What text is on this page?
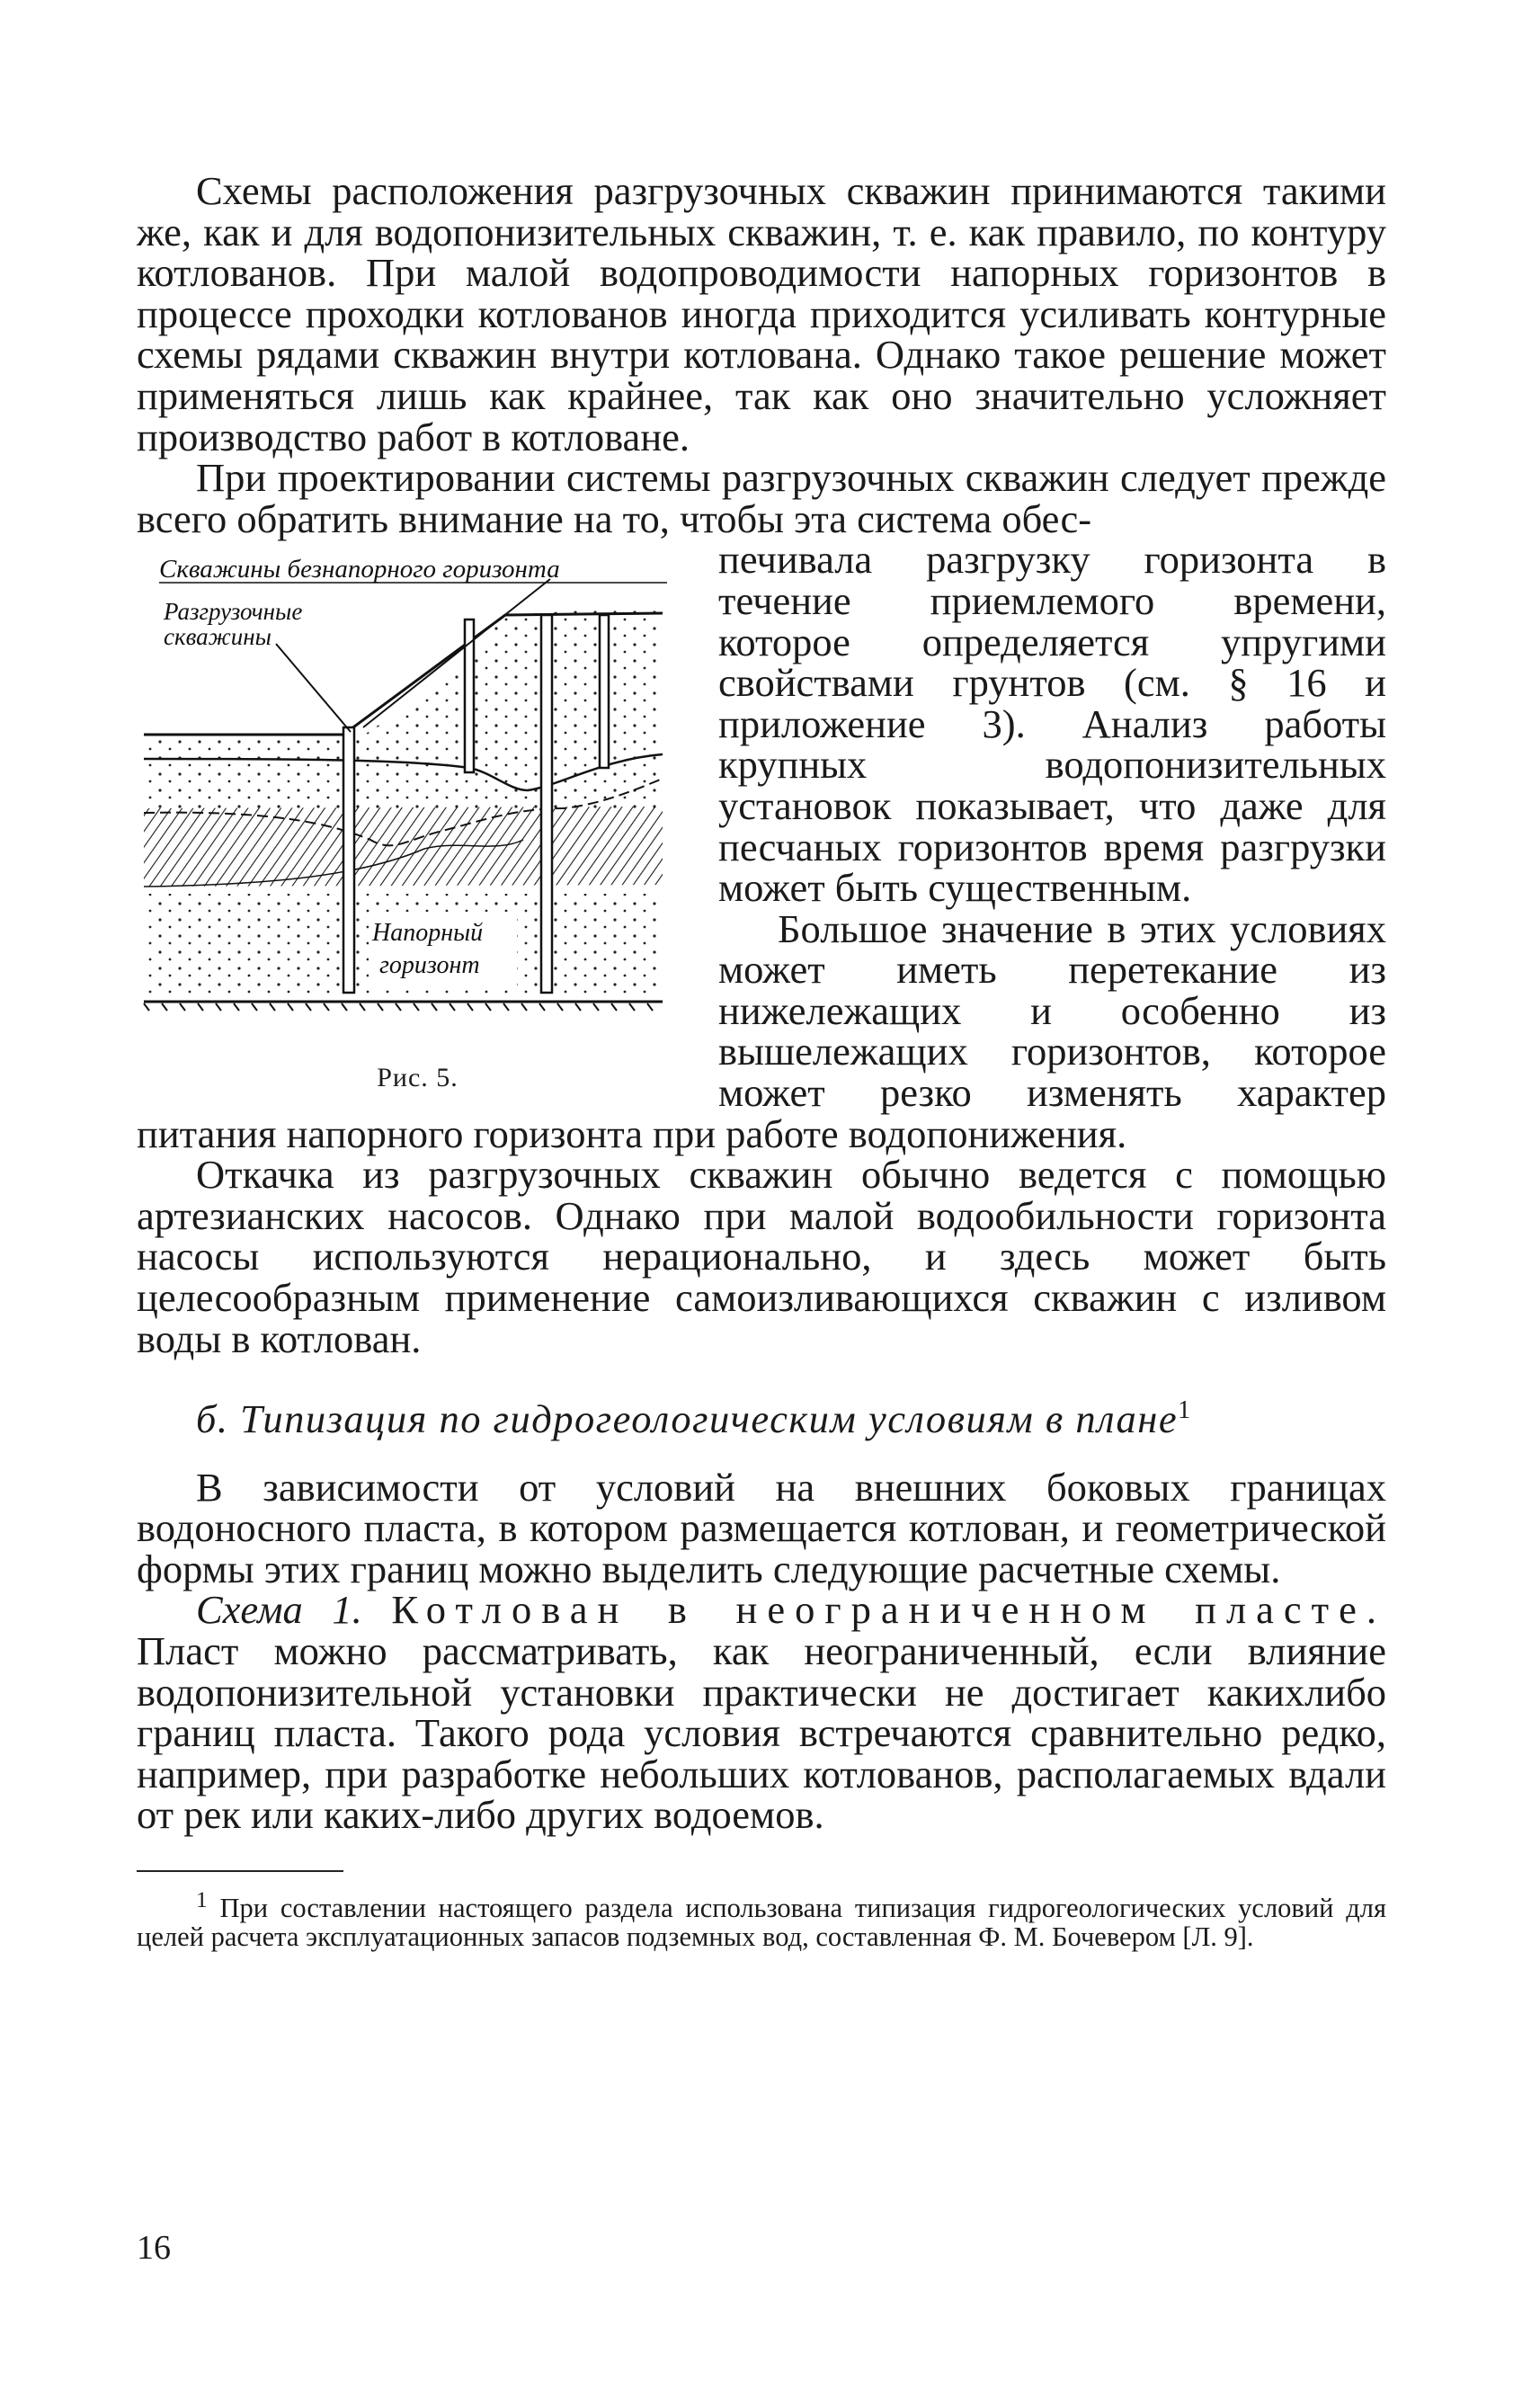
Схемы расположения разгрузочных скважин принимаются такими же, как и для водопонизительных скважин, т. е. как правило, по контуру котлованов. При малой водопроводимости напорных горизонтов в процессе проходки котлованов иногда приходится усиливать контурные схемы рядами скважин внутри котлована. Однако такое решение может применяться лишь как крайнее, так как оно значительно усложняет производство работ в котловане.

При проектировании системы разгрузочных скважин следует прежде всего обратить внимание на то, чтобы эта система обес-

Скважины безнапорного горизонта
Разгрузочные
скважины
Напорный
горизонт
Рис. 5.

печивала разгрузку горизонта в течение приемлемого времени, которое определяется упругими свойствами грунтов (см. § 16 и приложение 3). Анализ работы крупных водопонизительных установок показывает, что даже для песчаных горизонтов время разгрузки может быть существенным.

Большое значение в этих условиях может иметь перетекание из нижележащих и особенно из вышележащих горизонтов, которое может резко изменять характер питания напорного горизонта при работе водопонижения.

Откачка из разгрузочных скважин обычно ведется с помощью артезианских насосов. Однако при малой водообильности горизонта насосы используются нерационально, и здесь может быть целесообразным применение самоизливающихся скважин с изливом воды в котлован.

б. Типизация по гидрогеологическим условиям в плане$^1$

В зависимости от условий на внешних боковых границах водоносного пласта, в котором размещается котлован, и геометрической формы этих границ можно выделить следующие расчетные схемы.

Схема 1. Котлован в неограниченном пласте. Пласт можно рассматривать, как неограниченный, если влияние водопонизительной установки практически не достигает какихлибо границ пласта. Такого рода условия встречаются сравнительно редко, например, при разработке небольших котлованов, располагаемых вдали от рек или каких-либо других водоемов.

$^1$ При составлении настоящего раздела использована типизация гидрогеологических условий для целей расчета эксплуатационных запасов подземных вод, составленная Ф. М. Бочевером [Л. 9].

16
